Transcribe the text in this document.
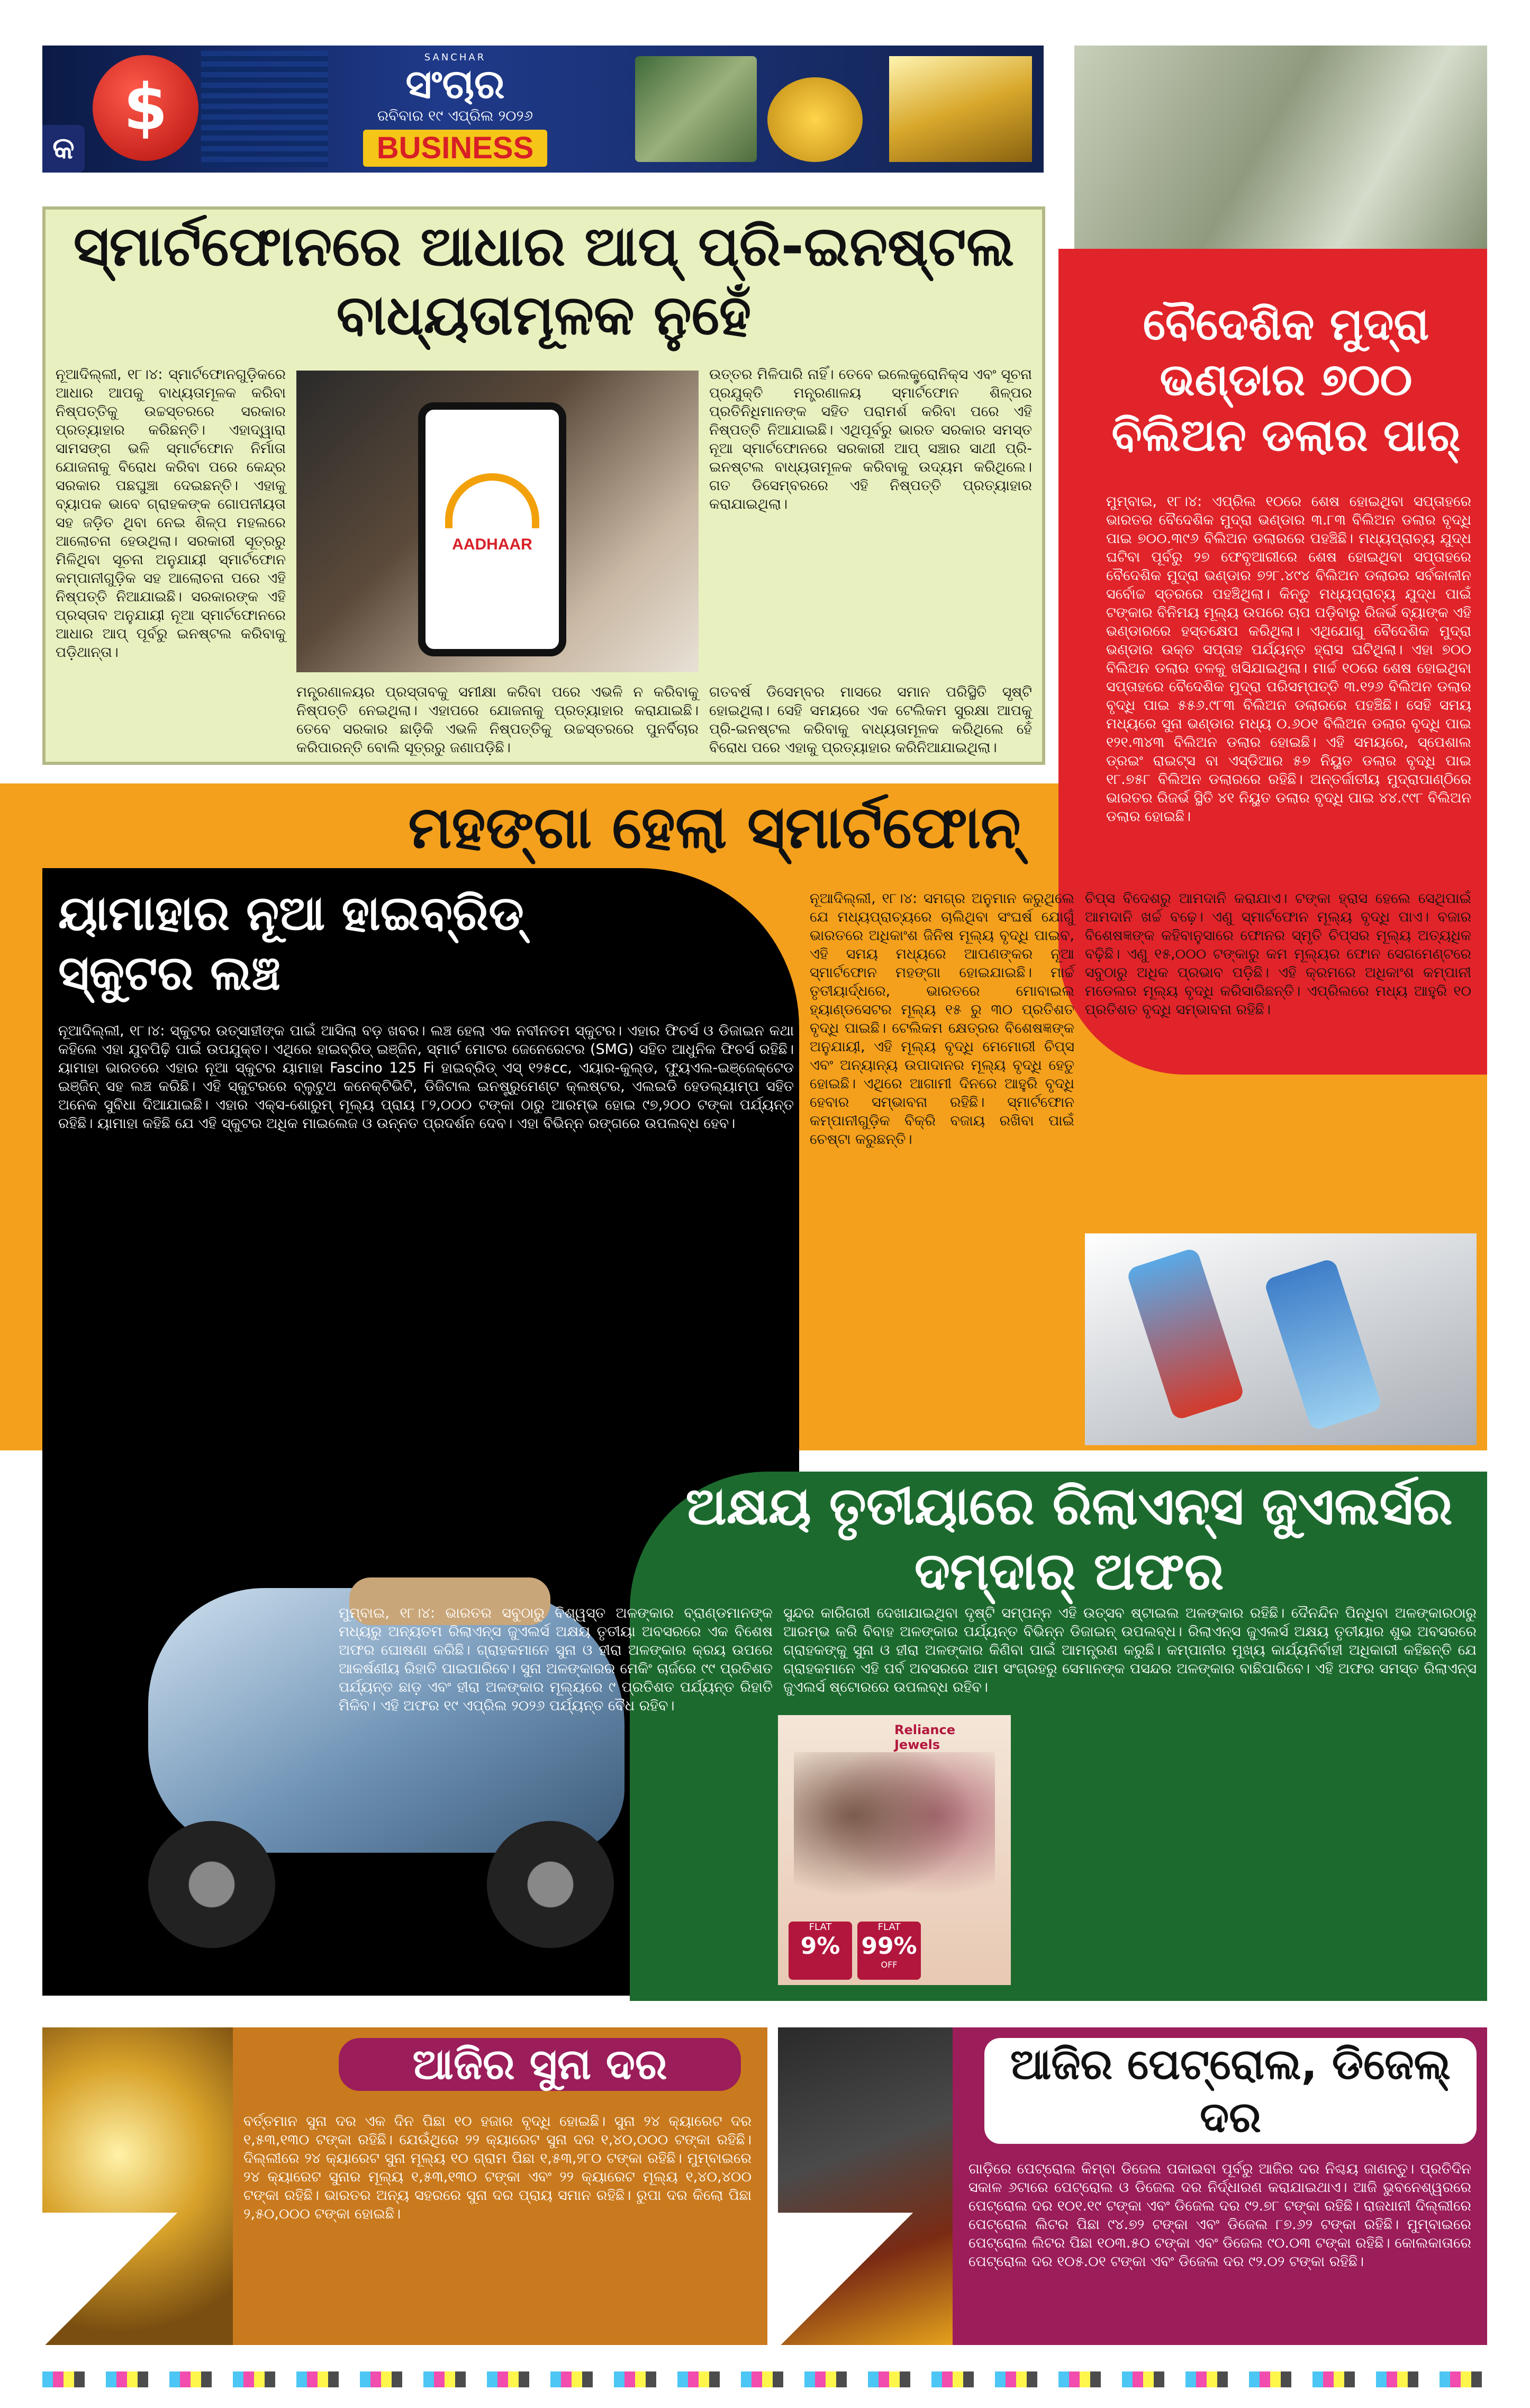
କ
$
SANCHAR
ସଂଚାର
ରବିବାର ୧୯ ଏପ୍ରିଲ ୨୦୨୬
BUSINESS
ସ୍ମାର୍ଟଫୋନରେ ଆଧାର ଆପ୍ ପ୍ରି-ଇନଷ୍ଟଲ ବାଧ୍ୟତାମୂଳକ ନୁହେଁ
ନୂଆଦିଲ୍ଲୀ, ୧୮।୪: ସ୍ମାର୍ଟଫୋନଗୁଡ଼ିକରେ ଆଧାର ଆପକୁ ବାଧ୍ୟତାମୂଳକ କରିବା ନିଷ୍ପତ୍ତିକୁ ଉଚ୍ଚସ୍ତରରେ ସରକାର ପ୍ରତ୍ୟାହାର କରିଛନ୍ତି। ଏହାଦ୍ୱାରା ସାମସଙ୍ଗ ଭଳି ସ୍ମାର୍ଟଫୋନ ନିର୍ମାତା ଯୋଜନାକୁ ବିରୋଧ କରିବା ପରେ କେନ୍ଦ୍ର ସରକାର ପଛଘୁଞ୍ଚା ଦେଇଛନ୍ତି। ଏହାକୁ ବ୍ୟାପକ ଭାବେ ଗ୍ରାହକଙ୍କ ଗୋପନୀୟତା ସହ ଜଡ଼ିତ ଥିବା ନେଇ ଶିଳ୍ପ ମହଲରେ ଆଲୋଚନା ହେଉଥିଲା। ସରକାରୀ ସୂତ୍ରରୁ ମିଳିଥିବା ସୂଚନା ଅନୁଯାୟୀ ସ୍ମାର୍ଟଫୋନ କମ୍ପାନୀଗୁଡ଼ିକ ସହ ଆଲୋଚନା ପରେ ଏହି ନିଷ୍ପତ୍ତି ନିଆଯାଇଛି। ସରକାରଙ୍କ ଏହି ପ୍ରସ୍ତାବ ଅନୁଯାୟୀ ନୂଆ ସ୍ମାର୍ଟଫୋନରେ ଆଧାର ଆପ୍ ପୂର୍ବରୁ ଇନଷ୍ଟଲ କରିବାକୁ ପଡ଼ିଥାନ୍ତା।
AADHAAR
ଉତ୍ତର ମିଳିପାରି ନାହିଁ। ତେବେ ଇଲେକ୍ଟ୍ରୋନିକ୍ସ ଏବଂ ସୂଚନା ପ୍ରଯୁକ୍ତି ମନ୍ତ୍ରଣାଳୟ ସ୍ମାର୍ଟଫୋନ ଶିଳ୍ପର ପ୍ରତିନିଧିମାନଙ୍କ ସହିତ ପରାମର୍ଶ କରିବା ପରେ ଏହି ନିଷ୍ପତ୍ତି ନିଆଯାଇଛି। ଏଥିପୂର୍ବରୁ ଭାରତ ସରକାର ସମସ୍ତ ନୂଆ ସ୍ମାର୍ଟଫୋନରେ ସରକାରୀ ଆପ୍ ସଞ୍ଚାର ସାଥୀ ପ୍ରି-ଇନଷ୍ଟଲ ବାଧ୍ୟତାମୂଳକ କରିବାକୁ ଉଦ୍ୟମ କରିଥିଲେ। ଗତ ଡିସେମ୍ବରରେ ଏହି ନିଷ୍ପତ୍ତି ପ୍ରତ୍ୟାହାର କରାଯାଇଥିଲା।
ମନ୍ତ୍ରଣାଳୟର ପ୍ରସ୍ତାବକୁ ସମୀକ୍ଷା କରିବା ପରେ ଏଭଳି ନ କରିବାକୁ ନିଷ୍ପତ୍ତି ନେଇଥିଲା। ଏହାପରେ ଯୋଜନାକୁ ପ୍ରତ୍ୟାହାର କରାଯାଇଛି। ତେବେ ସରକାର ଛାଡ଼ିକି ଏଭଳି ନିଷ୍ପତ୍ତିକୁ ଉଚ୍ଚସ୍ତରରେ ପୁନର୍ବିଚାର କରିପାରନ୍ତି ବୋଲି ସୂତ୍ରରୁ ଜଣାପଡ଼ିଛି।
ଗତବର୍ଷ ଡିସେମ୍ବର ମାସରେ ସମାନ ପରିସ୍ଥିତି ସୃଷ୍ଟି ହୋଇଥିଲା। ସେହି ସମୟରେ ଏକ ଟେଲିକମ ସୁରକ୍ଷା ଆପକୁ ପ୍ରି-ଇନଷ୍ଟଲ କରିବାକୁ ବାଧ୍ୟତାମୂଳକ କରିଥିଲେ ହେଁ ବିରୋଧ ପରେ ଏହାକୁ ପ୍ରତ୍ୟାହାର କରିନିଆଯାଇଥିଲା।
ବୈଦେଶିକ ମୁଦ୍ରା ଭଣ୍ଡାର ୭୦୦ ବିଲିଅନ ଡଲାର ପାର୍
ମୁମ୍ବାଇ, ୧୮।୪: ଏପ୍ରିଲ ୧୦ରେ ଶେଷ ହୋଇଥିବା ସପ୍ତାହରେ ଭାରତର ବୈଦେଶିକ ମୁଦ୍ରା ଭଣ୍ଡାର ୩.୮୩ ବିଲିଅନ ଡଲାର ବୃଦ୍ଧି ପାଇ ୭୦୦.୩୯୬ ବିଲିଅନ ଡଲାରରେ ପହଞ୍ଚିଛି। ମଧ୍ୟପ୍ରାଚ୍ୟ ଯୁଦ୍ଧ ଘଟିବା ପୂର୍ବରୁ ୨୭ ଫେବୃଆରୀରେ ଶେଷ ହୋଇଥିବା ସପ୍ତାହରେ ବୈଦେଶିକ ମୁଦ୍ରା ଭଣ୍ଡାର ୭୨୮.୪୯୪ ବିଲିଅନ ଡଲାରର ସର୍ବକାଳୀନ ସର୍ବୋଚ୍ଚ ସ୍ତରରେ ପହଞ୍ଚିଥିଲା। କିନ୍ତୁ ମଧ୍ୟପ୍ରାଚ୍ୟ ଯୁଦ୍ଧ ପାଇଁ ଟଙ୍କାର ବିନିମୟ ମୂଲ୍ୟ ଉପରେ ଚାପ ପଡ଼ିବାରୁ ରିଜର୍ଭ ବ୍ୟାଙ୍କ ଏହି ଭଣ୍ଡାରରେ ହସ୍ତକ୍ଷେପ କରିଥିଲା। ଏଥିଯୋଗୁ ବୈଦେଶିକ ମୁଦ୍ରା ଭଣ୍ଡାର ଉକ୍ତ ସପ୍ତାହ ପର୍ଯ୍ୟନ୍ତ ହ୍ରାସ ଘଟିଥିଲା। ଏହା ୭୦୦ ବିଲିଅନ ଡଲାର ତଳକୁ ଖସିଯାଇଥିଲା। ମାର୍ଚ୍ଚ ୧୦ରେ ଶେଷ ହୋଇଥିବା ସପ୍ତାହରେ ବୈଦେଶିକ ମୁଦ୍ରା ପରିସମ୍ପତ୍ତି ୩.୧୨୬ ବିଲିଅନ ଡଲାର ବୃଦ୍ଧି ପାଇ ୫୫୬.୯୮୩ ବିଲିଅନ ଡଲାରରେ ପହଞ୍ଚିଛି। ସେହି ସମୟ ମଧ୍ୟରେ ସୁନା ଭଣ୍ଡାର ମଧ୍ୟ ୦.୬୦୧ ବିଲିଅନ ଡଲାର ବୃଦ୍ଧି ପାଇ ୧୨୧.୩୪୩ ବିଲିଅନ ଡଲାର ହୋଇଛି। ଏହି ସମୟରେ, ସ୍ପେଶାଲ ଡ୍ରଇଂ ରାଇଟ୍ସ ବା ଏସ୍‌ଡିଆର ୫୭ ନିୟୁତ ଡଲାର ବୃଦ୍ଧି ପାଇ ୧୮.୭୫୮ ବିଲିଅନ ଡଲାରରେ ରହିଛି। ଅନ୍ତର୍ଜାତୀୟ ମୁଦ୍ରାପାଣ୍ଠିରେ ଭାରତର ରିଜର୍ଭ ସ୍ଥିତି ୪୧ ନିୟୁତ ଡଲାର ବୃଦ୍ଧି ପାଇ ୪୪.୯୯୮ ବିଲିଅନ ଡଲାର ହୋଇଛି।
ମହଙ୍ଗା ହେଲା ସ୍ମାର୍ଟଫୋନ୍
ନୂଆଦିଲ୍ଲୀ, ୧୮।୪: ସମଗ୍ର ଅନୁମାନ କରୁଥିଲେ ଯେ ମଧ୍ୟପ୍ରାଚ୍ୟରେ ଚାଲିଥିବା ସଂଘର୍ଷ ଯୋଗୁଁ ଭାରତରେ ଅଧିକାଂଶ ଜିନିଷ ମୂଲ୍ୟ ବୃଦ୍ଧି ପାଇବ, ଏହି ସମୟ ମଧ୍ୟରେ ଆପଣଙ୍କର ନୂଆ ସ୍ମାର୍ଟଫୋନ ମହଙ୍ଗା ହୋଇଯାଇଛି। ମାର୍ଚ୍ଚ ତୃତୀୟାର୍ଦ୍ଧରେ, ଭାରତରେ ମୋବାଇଲ ହ୍ୟାଣ୍ଡସେଟର ମୂଲ୍ୟ ୧୫ ରୁ ୩୦ ପ୍ରତିଶତ ବୃଦ୍ଧି ପାଇଛି। ଟେଲିକମ କ୍ଷେତ୍ରର ବିଶେଷଜ୍ଞଙ୍କ ଅନୁଯାୟୀ, ଏହି ମୂଲ୍ୟ ବୃଦ୍ଧି ମେମୋରୀ ଚିପ୍ସ ଏବଂ ଅନ୍ୟାନ୍ୟ ଉପାଦାନର ମୂଲ୍ୟ ବୃଦ୍ଧି ହେତୁ ହୋଇଛି। ଏଥିରେ ଆଗାମୀ ଦିନରେ ଆହୁରି ବୃଦ୍ଧି ହେବାର ସମ୍ଭାବନା ରହିଛି। ସ୍ମାର୍ଟଫୋନ କମ୍ପାନୀଗୁଡ଼ିକ ବିକ୍ରି ବଜାୟ ରଖିବା ପାଇଁ ଚେଷ୍ଟା କରୁଛନ୍ତି।
ଚିପ୍ସ ବିଦେଶରୁ ଆମଦାନି କରାଯାଏ। ଟଙ୍କା ହ୍ରାସ ହେଲେ ସେଥିପାଇଁ ଆମଦାନି ଖର୍ଚ୍ଚ ବଢ଼େ। ଏଣୁ ସ୍ମାର୍ଟଫୋନ ମୂଲ୍ୟ ବୃଦ୍ଧି ପାଏ। ବଜାର ବିଶେଷଜ୍ଞଙ୍କ କହିବାନୁସାରେ ଫୋନର ସ୍ମୃତି ଚିପ୍ସର ମୂଲ୍ୟ ଅତ୍ୟଧିକ ବଢ଼ିଛି। ଏଣୁ ୧୫,୦୦୦ ଟଙ୍କାରୁ କମ ମୂଲ୍ୟର ଫୋନ ସେଗମେଣ୍ଟରେ ସବୁଠାରୁ ଅଧିକ ପ୍ରଭାବ ପଡ଼ିଛି। ଏହି କ୍ରମରେ ଅଧିକାଂଶ କମ୍ପାନୀ ମଡେଲର ମୂଲ୍ୟ ବୃଦ୍ଧି କରିସାରିଛନ୍ତି। ଏପ୍ରିଲରେ ମଧ୍ୟ ଆହୁରି ୧୦ ପ୍ରତିଶତ ବୃଦ୍ଧି ସମ୍ଭାବନା ରହିଛି।
ୟାମାହାର ନୂଆ ହାଇବ୍ରିଡ୍ ସ୍କୁଟର ଲଞ୍ଚ
ନୂଆଦିଲ୍ଲୀ, ୧୮।୪: ସ୍କୁଟର ଉତ୍ସାହୀଙ୍କ ପାଇଁ ଆସିଲା ବଡ଼ ଖବର। ଲଞ୍ଚ ହେଲା ଏକ ନବୀନତମ ସ୍କୁଟର। ଏହାର ଫିଚର୍ସ ଓ ଡିଜାଇନ କଥା କହିଲେ ଏହା ଯୁବପିଢ଼ି ପାଇଁ ଉପଯୁକ୍ତ। ଏଥିରେ ହାଇବ୍ରିଡ୍ ଇଞ୍ଜିନ, ସ୍ମାର୍ଟ ମୋଟର ଜେନେରେଟର (SMG) ସହିତ ଆଧୁନିକ ଫିଚର୍ସ ରହିଛି। ୟାମାହା ଭାରତରେ ଏହାର ନୂଆ ସ୍କୁଟର ୟାମାହା Fascino 125 Fi ହାଇବ୍ରିଡ୍ ଏସ୍ ୧୨୫cc, ଏୟାର-କୁଲ୍ଡ, ଫ୍ୟୁଏଲ-ଇଞ୍ଜେକ୍ଟେଡ ଇଞ୍ଜିନ୍ ସହ ଲଞ୍ଚ କରିଛି। ଏହି ସ୍କୁଟରରେ ବ୍ଲୁଟୁଥ କନେକ୍ଟିଭିଟି, ଡିଜିଟାଲ ଇନଷ୍ଟ୍ରୁମେଣ୍ଟ କ୍ଲଷ୍ଟର, ଏଲଇଡି ହେଡଲ୍ୟାମ୍ପ ସହିତ ଅନେକ ସୁବିଧା ଦିଆଯାଇଛି। ଏହାର ଏକ୍ସ-ଶୋରୁମ୍ ମୂଲ୍ୟ ପ୍ରାୟ ୮୨,୦୦୦ ଟଙ୍କା ଠାରୁ ଆରମ୍ଭ ହୋଇ ୯୭,୨୦୦ ଟଙ୍କା ପର୍ଯ୍ୟନ୍ତ ରହିଛି। ୟାମାହା କହିଛି ଯେ ଏହି ସ୍କୁଟର ଅଧିକ ମାଇଲେଜ ଓ ଉନ୍ନତ ପ୍ରଦର୍ଶନ ଦେବ। ଏହା ବିଭିନ୍ନ ରଙ୍ଗରେ ଉପଲବ୍ଧ ହେବ।
ଅକ୍ଷୟ ତୃତୀୟାରେ ରିଲାଏନ୍ସ ଜୁଏଲର୍ସର ଦମ୍‌ଦାର୍ ଅଫର
ମୁମ୍ବାଇ, ୧୮।୪: ଭାରତର ସବୁଠାରୁ ବିଶ୍ୱସ୍ତ ଅଳଙ୍କାର ବ୍ରାଣ୍ଡମାନଙ୍କ ମଧ୍ୟରୁ ଅନ୍ୟତମ ରିଲାଏନ୍ସ ଜୁଏଲର୍ସ ଅକ୍ଷୟ ତୃତୀୟା ଅବସରରେ ଏକ ବିଶେଷ ଅଫର ଘୋଷଣା କରିଛି। ଗ୍ରାହକମାନେ ସୁନା ଓ ହୀରା ଅଳଙ୍କାର କ୍ରୟ ଉପରେ ଆକର୍ଷଣୀୟ ରିହାତି ପାଇପାରିବେ। ସୁନା ଅଳଙ୍କାରର ମେକିଂ ଚାର୍ଜରେ ୯୯ ପ୍ରତିଶତ ପର୍ଯ୍ୟନ୍ତ ଛାଡ଼ ଏବଂ ହୀରା ଅଳଙ୍କାର ମୂଲ୍ୟରେ ୯ ପ୍ରତିଶତ ପର୍ଯ୍ୟନ୍ତ ରିହାତି ମିଳିବ। ଏହି ଅଫର ୧୯ ଏପ୍ରିଲ ୨୦୨୬ ପର୍ଯ୍ୟନ୍ତ ବୈଧ ରହିବ।
ସୁନ୍ଦର କାରିଗରୀ ଦେଖାଯାଇଥିବା ଦୃଷ୍ଟି ସମ୍ପନ୍ନ ଏହି ଉତ୍ସବ ଷ୍ଟାଇଲ ଅଳଙ୍କାର ରହିଛି। ଦୈନନ୍ଦିନ ପିନ୍ଧିବା ଅଳଙ୍କାରଠାରୁ ଆରମ୍ଭ କରି ବିବାହ ଅଳଙ୍କାର ପର୍ଯ୍ୟନ୍ତ ବିଭିନ୍ନ ଡିଜାଇନ୍ ଉପଲବ୍ଧ। ରିଲାଏନ୍ସ ଜୁଏଲର୍ସ ଅକ୍ଷୟ ତୃତୀୟାର ଶୁଭ ଅବସରରେ ଗ୍ରାହକଙ୍କୁ ସୁନା ଓ ହୀରା ଅଳଙ୍କାର କିଣିବା ପାଇଁ ଆମନ୍ତ୍ରଣ କରୁଛି। କମ୍ପାନୀର ମୁଖ୍ୟ କାର୍ଯ୍ୟନିର୍ବାହୀ ଅଧିକାରୀ କହିଛନ୍ତି ଯେ ଗ୍ରାହକମାନେ ଏହି ପର୍ବ ଅବସରରେ ଆମ ସଂଗ୍ରହରୁ ସେମାନଙ୍କ ପସନ୍ଦର ଅଳଙ୍କାର ବାଛିପାରିବେ। ଏହି ଅଫର ସମସ୍ତ ରିଲାଏନ୍ସ ଜୁଏଲର୍ସ ଷ୍ଟୋରରେ ଉପଲବ୍ଧ ରହିବ।
Reliance Jewels
FLAT
9%
FLAT
99%
OFF
ଆଜିର ସୁନା ଦର
ବର୍ତ୍ତମାନ ସୁନା ଦର ଏକ ଦିନ ପିଛା ୧୦ ହଜାର ବୃଦ୍ଧି ହୋଇଛି। ସୁନା ୨୪ କ୍ୟାରେଟ ଦର ୧,୫୩,୧୩୦ ଟଙ୍କା ରହିଛି। ଯେଉଁଥିରେ ୨୨ କ୍ୟାରେଟ ସୁନା ଦର ୧,୪୦,୦୦୦ ଟଙ୍କା ରହିଛି। ଦିଲ୍ଲୀରେ ୨୪ କ୍ୟାରେଟ ସୁନା ମୂଲ୍ୟ ୧୦ ଗ୍ରାମ ପିଛା ୧,୫୩,୨୮୦ ଟଙ୍କା ରହିଛି। ମୁମ୍ବାଇରେ ୨୪ କ୍ୟାରେଟ ସୁନାର ମୂଲ୍ୟ ୧,୫୩,୧୩୦ ଟଙ୍କା ଏବଂ ୨୨ କ୍ୟାରେଟ ମୂଲ୍ୟ ୧,୪୦,୪୦୦ ଟଙ୍କା ରହିଛି। ଭାରତର ଅନ୍ୟ ସହରରେ ସୁନା ଦର ପ୍ରାୟ ସମାନ ରହିଛି। ରୁପା ଦର କିଲୋ ପିଛା ୨,୫୦,୦୦୦ ଟଙ୍କା ହୋଇଛି।
ଆଜିର ପେଟ୍ରୋଲ, ଡିଜେଲ୍ ଦର
ଗାଡ଼ିରେ ପେଟ୍ରୋଲ କିମ୍ବା ଡିଜେଲ ପକାଇବା ପୂର୍ବରୁ ଆଜିର ଦର ନିଶ୍ଚୟ ଜାଣନ୍ତୁ। ପ୍ରତିଦିନ ସକାଳ ୬ଟାରେ ପେଟ୍ରୋଲ ଓ ଡିଜେଲ ଦର ନିର୍ଦ୍ଧାରଣ କରାଯାଇଥାଏ। ଆଜି ଭୁବନେଶ୍ୱରରେ ପେଟ୍ରୋଲ ଦର ୧୦୧.୧୯ ଟଙ୍କା ଏବଂ ଡିଜେଲ ଦର ୯୨.୭୮ ଟଙ୍କା ରହିଛି। ରାଜଧାନୀ ଦିଲ୍ଲୀରେ ପେଟ୍ରୋଲ ଲିଟର ପିଛା ୯୪.୭୨ ଟଙ୍କା ଏବଂ ଡିଜେଲ ୮୭.୬୨ ଟଙ୍କା ରହିଛି। ମୁମ୍ବାଇରେ ପେଟ୍ରୋଲ ଲିଟର ପିଛା ୧୦୩.୫୦ ଟଙ୍କା ଏବଂ ଡିଜେଲ ୯୦.୦୩ ଟଙ୍କା ରହିଛି। କୋଲକାତାରେ ପେଟ୍ରୋଲ ଦର ୧୦୫.୦୧ ଟଙ୍କା ଏବଂ ଡିଜେଲ ଦର ୯୨.୦୨ ଟଙ୍କା ରହିଛି।
